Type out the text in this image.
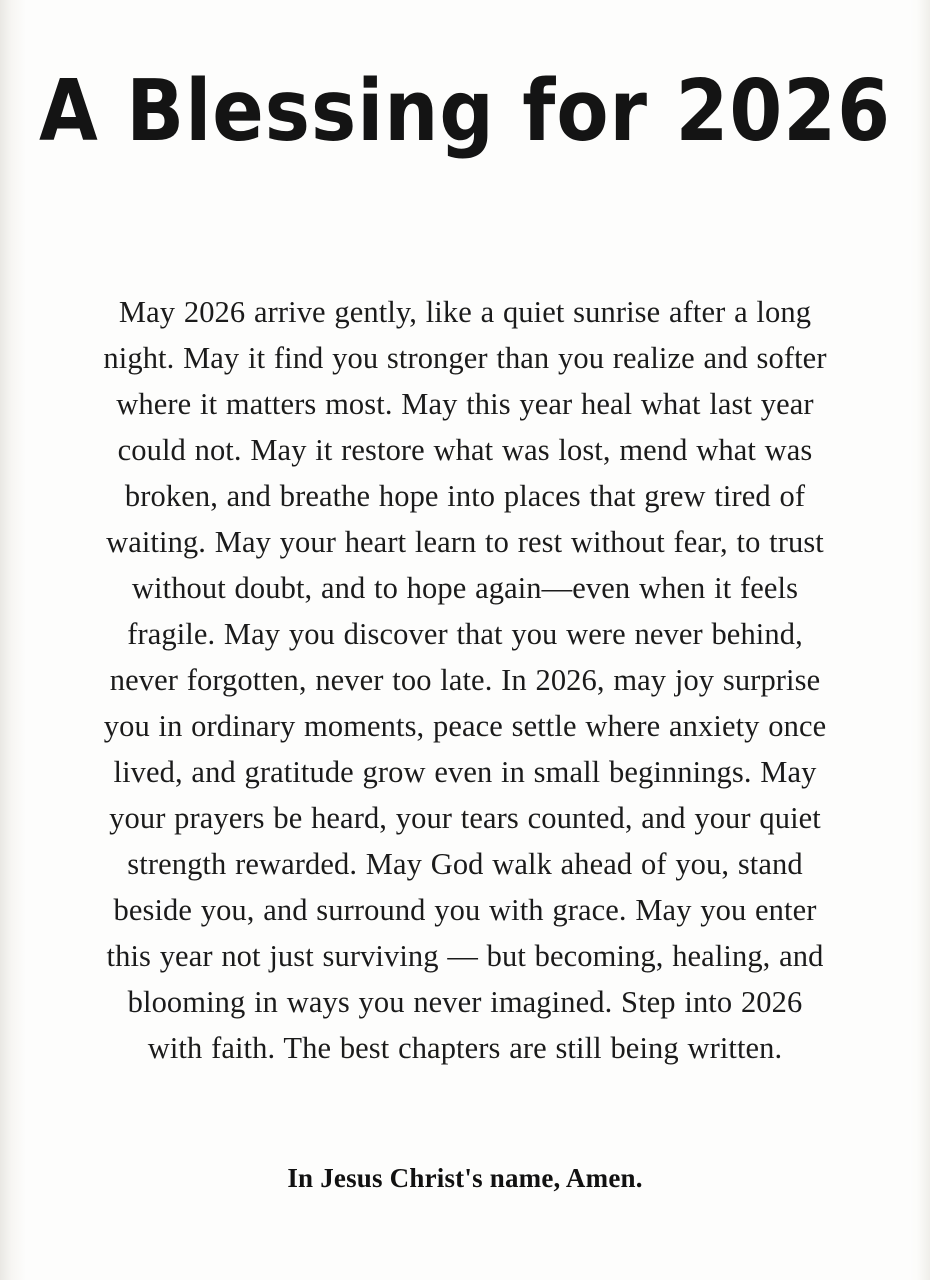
A Blessing for 2026

May 2026 arrive gently, like a quiet sunrise after a long night. May it find you stronger than you realize and softer where it matters most. May this year heal what last year could not. May it restore what was lost, mend what was broken, and breathe hope into places that grew tired of waiting. May your heart learn to rest without fear, to trust without doubt, and to hope again—even when it feels fragile. May you discover that you were never behind, never forgotten, never too late. In 2026, may joy surprise you in ordinary moments, peace settle where anxiety once lived, and gratitude grow even in small beginnings. May your prayers be heard, your tears counted, and your quiet strength rewarded. May God walk ahead of you, stand beside you, and surround you with grace. May you enter this year not just surviving — but becoming, healing, and blooming in ways you never imagined. Step into 2026 with faith. The best chapters are still being written.

In Jesus Christ's name, Amen.
